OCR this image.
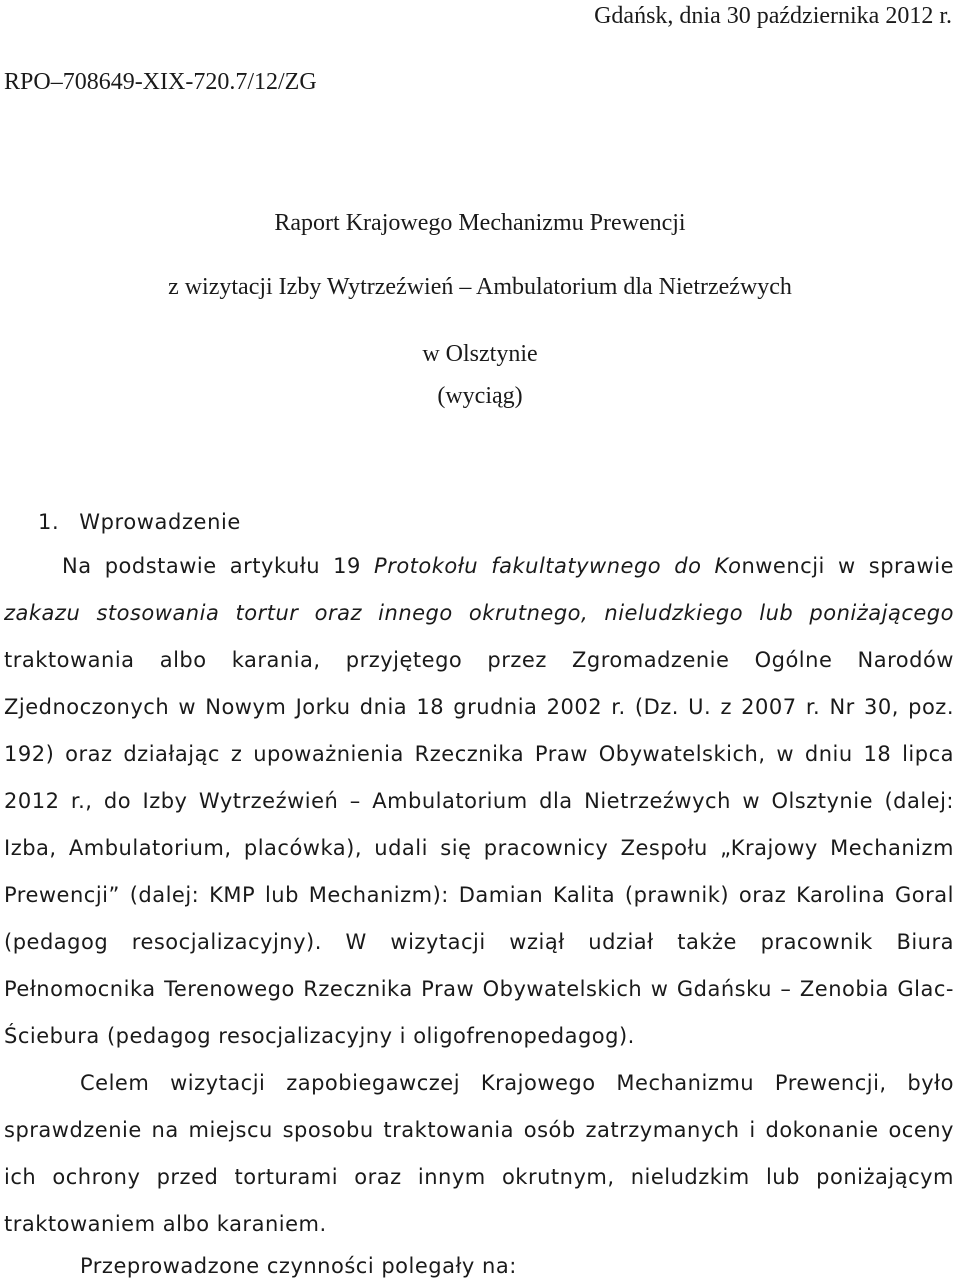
Gdańsk, dnia 30 października 2012 r.
RPO–708649-XIX-720.7/12/ZG
Raport Krajowego Mechanizmu Prewencji
z wizytacji Izby Wytrzeźwień – Ambulatorium dla Nietrzeźwych
w Olsztynie
(wyciąg)
1. Wprowadzenie
Na podstawie artykułu 19 Protokołu fakultatywnego do Konwencji w sprawie zakazu stosowania tortur oraz innego okrutnego, nieludzkiego lub poniżającego traktowania albo karania, przyjętego przez Zgromadzenie Ogólne Narodów Zjednoczonych w Nowym Jorku dnia 18 grudnia 2002 r. (Dz. U. z 2007 r. Nr 30, poz. 192) oraz działając z upoważnienia Rzecznika Praw Obywatelskich, w dniu 18 lipca 2012 r., do Izby Wytrzeźwień – Ambulatorium dla Nietrzeźwych w Olsztynie (dalej: Izba, Ambulatorium, placówka), udali się pracownicy Zespołu „Krajowy Mechanizm Prewencji” (dalej: KMP lub Mechanizm): Damian Kalita (prawnik) oraz Karolina Goral (pedagog resocjalizacyjny). W wizytacji wziął udział także pracownik Biura Pełnomocnika Terenowego Rzecznika Praw Obywatelskich w Gdańsku – Zenobia Glac-Ściebura (pedagog resocjalizacyjny i oligofrenopedagog).
Celem wizytacji zapobiegawczej Krajowego Mechanizmu Prewencji, było sprawdzenie na miejscu sposobu traktowania osób zatrzymanych i dokonanie oceny ich ochrony przed torturami oraz innym okrutnym, nieludzkim lub poniżającym traktowaniem albo karaniem.
Przeprowadzone czynności polegały na:
